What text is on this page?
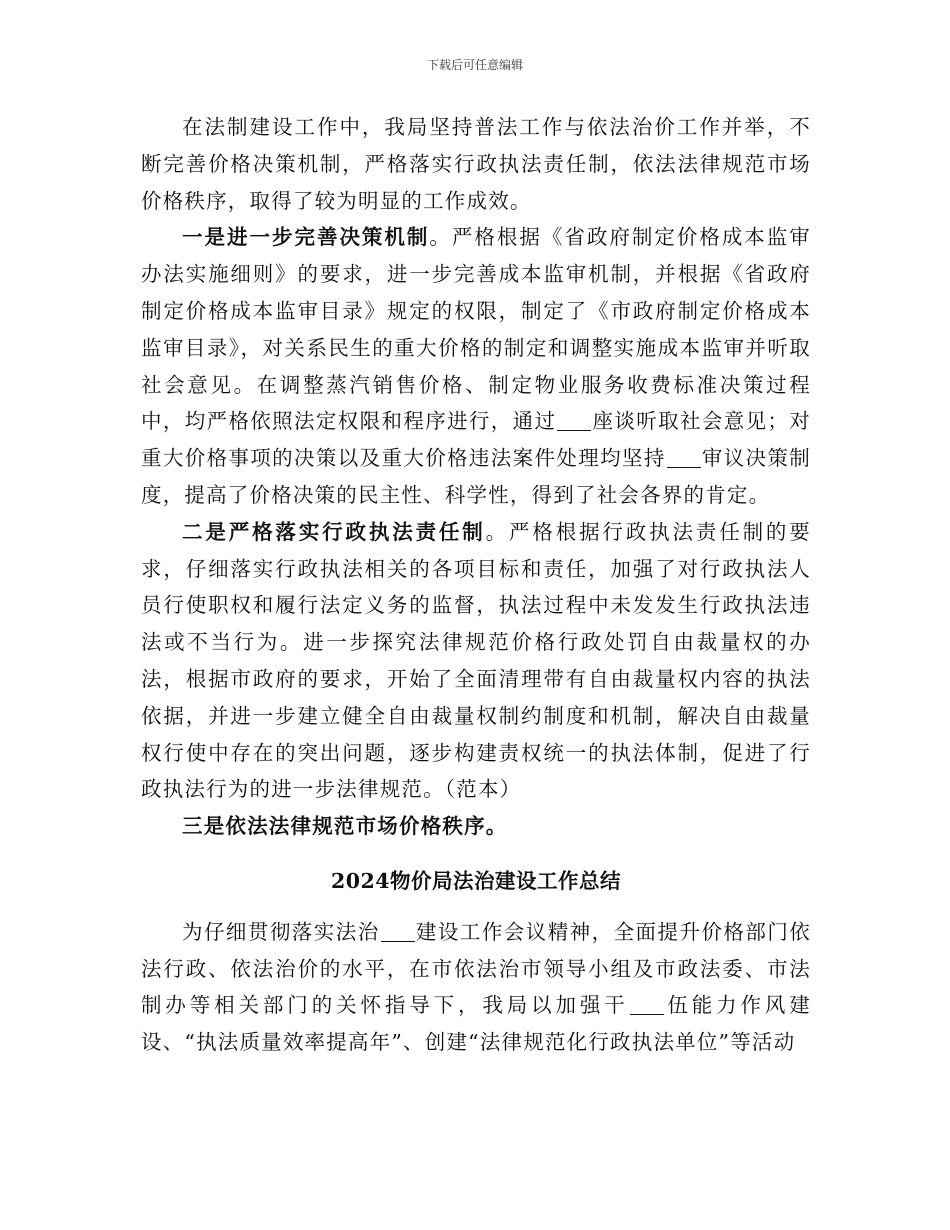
下载后可任意编辑

在法制建设工作中，我局坚持普法工作与依法治价工作并举，不断完善价格决策机制，严格落实行政执法责任制，依法法律规范市场价格秩序，取得了较为明显的工作成效。

一是进一步完善决策机制。严格根据《省政府制定价格成本监审办法实施细则》的要求，进一步完善成本监审机制，并根据《省政府制定价格成本监审目录》规定的权限，制定了《市政府制定价格成本监审目录》，对关系民生的重大价格的制定和调整实施成本监审并听取社会意见。在调整蒸汽销售价格、制定物业服务收费标准决策过程中，均严格依照法定权限和程序进行，通过 座谈听取社会意见；对重大价格事项的决策以及重大价格违法案件处理均坚持 审议决策制度，提高了价格决策的民主性、科学性，得到了社会各界的肯定。

二是严格落实行政执法责任制。严格根据行政执法责任制的要求，仔细落实行政执法相关的各项目标和责任，加强了对行政执法人员行使职权和履行法定义务的监督，执法过程中未发发生行政执法违法或不当行为。进一步探究法律规范价格行政处罚自由裁量权的办法，根据市政府的要求，开始了全面清理带有自由裁量权内容的执法依据，并进一步建立健全自由裁量权制约制度和机制，解决自由裁量权行使中存在的突出问题，逐步构建责权统一的执法体制，促进了行政执法行为的进一步法律规范。（范本）

三是依法法律规范市场价格秩序。

2024物价局法治建设工作总结

为仔细贯彻落实法治 建设工作会议精神，全面提升价格部门依法行政、依法治价的水平，在市依法治市领导小组及市政法委、市法制办等相关部门的关怀指导下，我局以加强干 伍能力作风建设、“执法质量效率提高年”、创建“法律规范化行政执法单位”等活动
